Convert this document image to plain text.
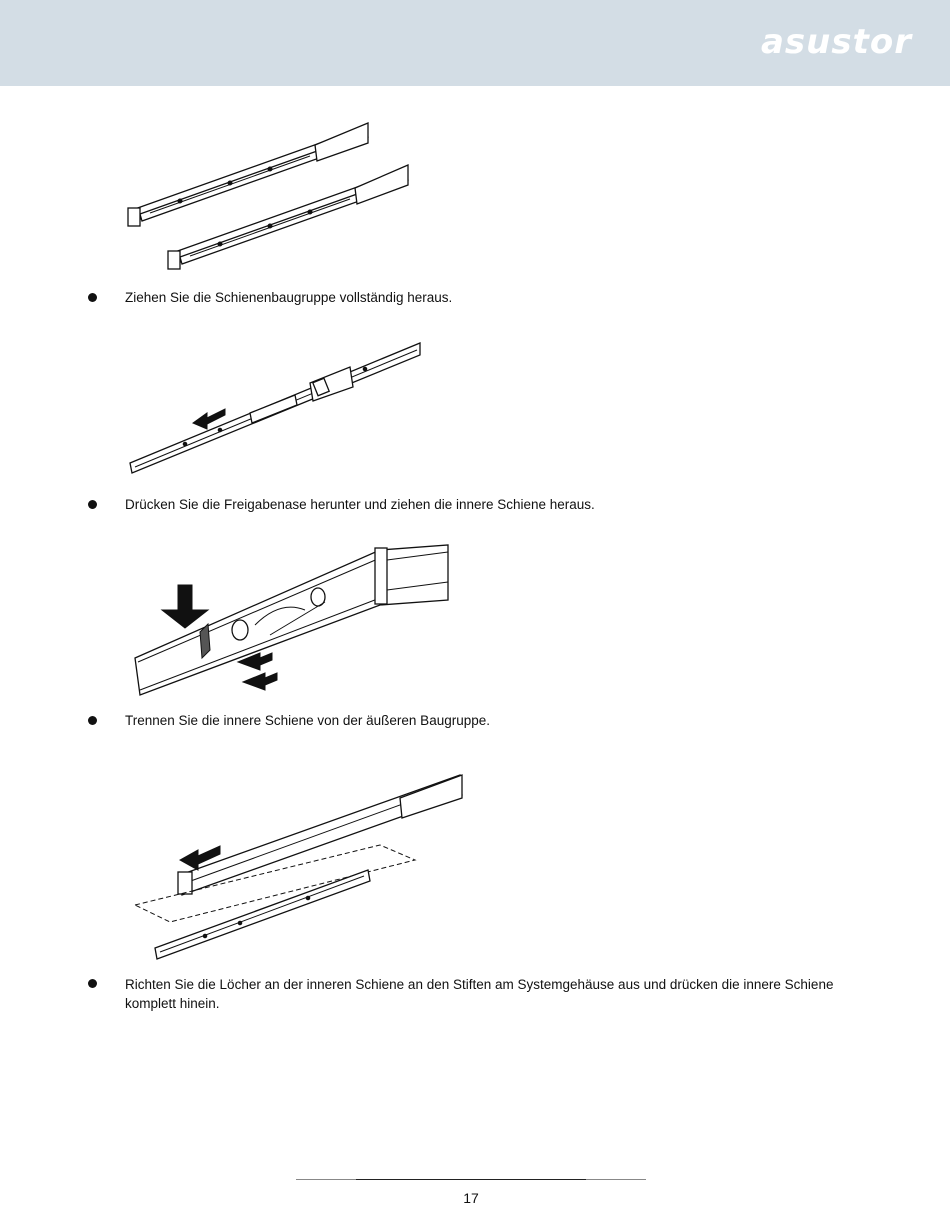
asustor
Ziehen Sie die Schienenbaugruppe vollständig heraus.
Drücken Sie die Freigabenase herunter und ziehen die innere Schiene heraus.
Trennen Sie die innere Schiene von der äußeren Baugruppe.
Richten Sie die Löcher an der inneren Schiene an den Stiften am Systemgehäuse aus und drücken die innere Schiene komplett hinein.
17
